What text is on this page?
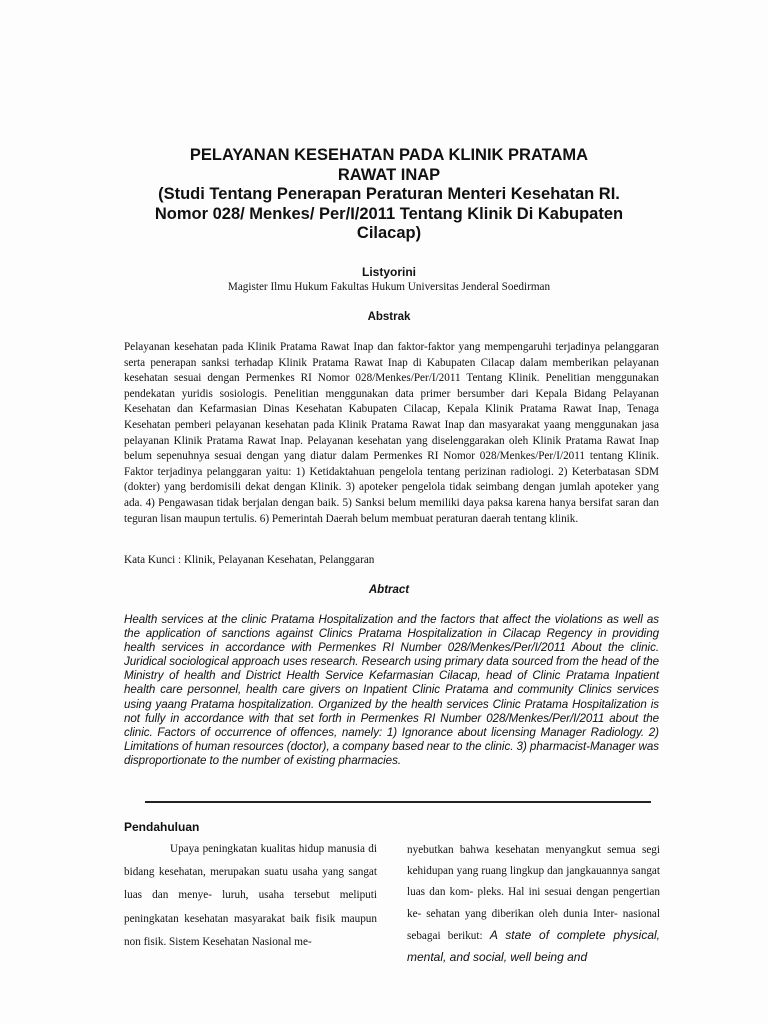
PELAYANAN KESEHATAN PADA KLINIK PRATAMA
RAWAT INAP
(Studi Tentang Penerapan Peraturan Menteri Kesehatan RI.
Nomor 028/ Menkes/ Per/I/2011 Tentang Klinik Di Kabupaten
Cilacap)

Listyorini

Magister Ilmu Hukum Fakultas Hukum Universitas Jenderal Soedirman

Abstrak

Pelayanan kesehatan pada Klinik Pratama Rawat Inap dan faktor-faktor yang mempengaruhi terjadinya pelanggaran serta penerapan sanksi terhadap Klinik Pratama Rawat Inap di Kabupaten Cilacap dalam memberikan pelayanan kesehatan sesuai dengan Permenkes RI Nomor 028/Menkes/Per/I/2011 Tentang Klinik. Penelitian menggunakan pendekatan yuridis sosiologis. Penelitian menggunakan data primer bersumber dari Kepala Bidang Pelayanan Kesehatan dan Kefarmasian Dinas Kesehatan Kabupaten Cilacap, Kepala Klinik Pratama Rawat Inap, Tenaga Kesehatan pemberi pelayanan kesehatan pada Klinik Pratama Rawat Inap dan masyarakat yaang menggunakan jasa pelayanan Klinik Pratama Rawat Inap. Pelayanan kesehatan yang diselenggarakan oleh Klinik Pratama Rawat Inap belum sepenuhnya sesuai dengan yang diatur dalam Permenkes RI Nomor 028/Menkes/Per/I/2011 tentang Klinik. Faktor terjadinya pelanggaran yaitu: 1) Ketidaktahuan pengelola tentang perizinan radiologi. 2) Keterbatasan SDM (dokter) yang berdomisili dekat dengan Klinik. 3) apoteker pengelola tidak seimbang dengan jumlah apoteker yang ada. 4) Pengawasan tidak berjalan dengan baik. 5) Sanksi belum memiliki daya paksa karena hanya bersifat saran dan teguran lisan maupun tertulis. 6) Pemerintah Daerah belum membuat peraturan daerah tentang klinik.

Kata Kunci : Klinik, Pelayanan Kesehatan, Pelanggaran

Abtract

Health services at the clinic Pratama Hospitalization and the factors that affect the violations as well as the application of sanctions against Clinics Pratama Hospitalization in Cilacap Regency in providing health services in accordance with Permenkes RI Number 028/Menkes/Per/I/2011 About the clinic. Juridical sociological approach uses research. Research using primary data sourced from the head of the Ministry of health and District Health Service Kefarmasian Cilacap, head of Clinic Pratama Inpatient health care personnel, health care givers on Inpatient Clinic Pratama and community Clinics services using yaang Pratama hospitalization. Organized by the health services Clinic Pratama Hospitalization is not fully in accordance with that set forth in Permenkes RI Number 028/Menkes/Per/I/2011 about the clinic. Factors of occurrence of offences, namely: 1) Ignorance about licensing Manager Radiology. 2) Limitations of human resources (doctor), a company based near to the clinic. 3) pharmacist-Manager was disproportionate to the number of existing pharmacies.

Pendahuluan

Upaya peningkatan kualitas hidup manusia di bidang kesehatan, merupakan suatu usaha yang sangat luas dan menye- luruh, usaha tersebut meliputi peningkatan kesehatan masyarakat baik fisik maupun non fisik. Sistem Kesehatan Nasional me-

nyebutkan bahwa kesehatan menyangkut semua segi kehidupan yang ruang lingkup dan jangkauannya sangat luas dan kom- pleks. Hal ini sesuai dengan pengertian ke- sehatan yang diberikan oleh dunia Inter- nasional sebagai berikut: A state of complete physical, mental, and social, well being and
